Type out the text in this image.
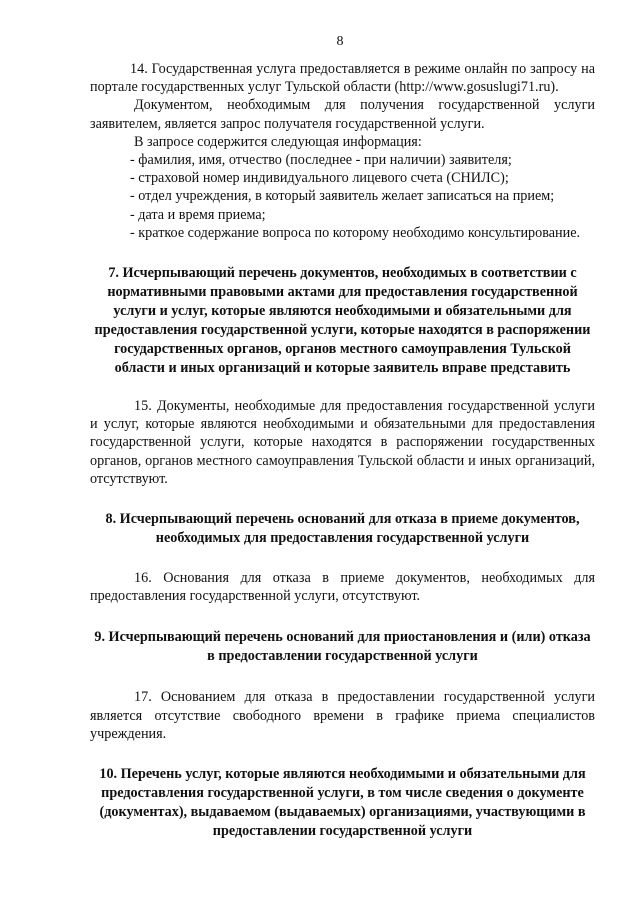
8

14. Государственная услуга предоставляется в режиме онлайн по запросу на портале государственных услуг Тульской области (http://www.gosuslugi71.ru).

Документом, необходимым для получения государственной услуги заявителем, является запрос получателя государственной услуги.

В запросе содержится следующая информация:

- фамилия, имя, отчество (последнее - при наличии) заявителя;

- страховой номер индивидуального лицевого счета (СНИЛС);

- отдел учреждения, в который заявитель желает записаться на прием;

- дата и время приема;

- краткое содержание вопроса по которому необходимо консультирование.

7. Исчерпывающий перечень документов, необходимых в соответствии с нормативными правовыми актами для предоставления государственной услуги и услуг, которые являются необходимыми и обязательными для предоставления государственной услуги, которые находятся в распоряжении государственных органов, органов местного самоуправления Тульской области и иных организаций и которые заявитель вправе представить

15. Документы, необходимые для предоставления государственной услуги и услуг, которые являются необходимыми и обязательными для предоставления государственной услуги, которые находятся в распоряжении государственных органов, органов местного самоуправления Тульской области и иных организаций, отсутствуют.

8. Исчерпывающий перечень оснований для отказа в приеме документов, необходимых для предоставления государственной услуги

16. Основания для отказа в приеме документов, необходимых для предоставления государственной услуги, отсутствуют.

9. Исчерпывающий перечень оснований для приостановления и (или) отказа в предоставлении государственной услуги

17. Основанием для отказа в предоставлении государственной услуги является отсутствие свободного времени в графике приема специалистов учреждения.

10. Перечень услуг, которые являются необходимыми и обязательными для предоставления государственной услуги, в том числе сведения о документе (документах), выдаваемом (выдаваемых) организациями, участвующими в предоставлении государственной услуги
